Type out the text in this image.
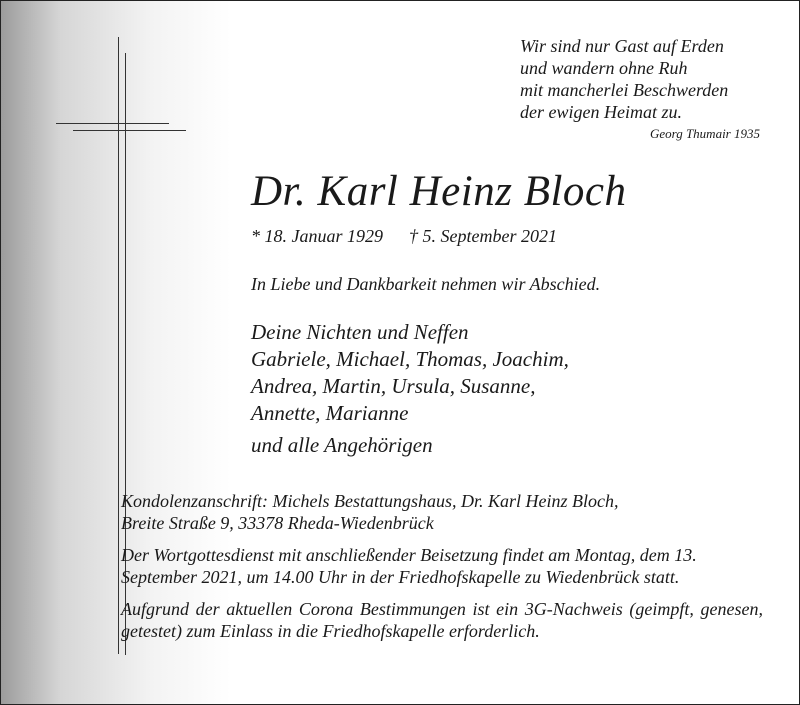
Wir sind nur Gast auf Erden
und wandern ohne Ruh
mit mancherlei Beschwerden
der ewigen Heimat zu.
Georg Thumair 1935
Dr. Karl Heinz Bloch
* 18. Januar 1929 † 5. September 2021
In Liebe und Dankbarkeit nehmen wir Abschied.
Deine Nichten und Neffen
Gabriele, Michael, Thomas, Joachim,
Andrea, Martin, Ursula, Susanne,
Annette, Marianne
und alle Angehörigen

Kondolenzanschrift: Michels Bestattungshaus, Dr. Karl Heinz Bloch,
Breite Straße 9, 33378 Rheda-Wiedenbrück

Der Wortgottesdienst mit anschließender Beisetzung findet am Montag, dem 13. September 2021, um 14.00 Uhr in der Friedhofskapelle zu Wiedenbrück statt.

Aufgrund der aktuellen Corona Bestimmungen ist ein 3G-Nachweis (geimpft, genesen, getestet) zum Einlass in die Friedhofskapelle erforderlich.
